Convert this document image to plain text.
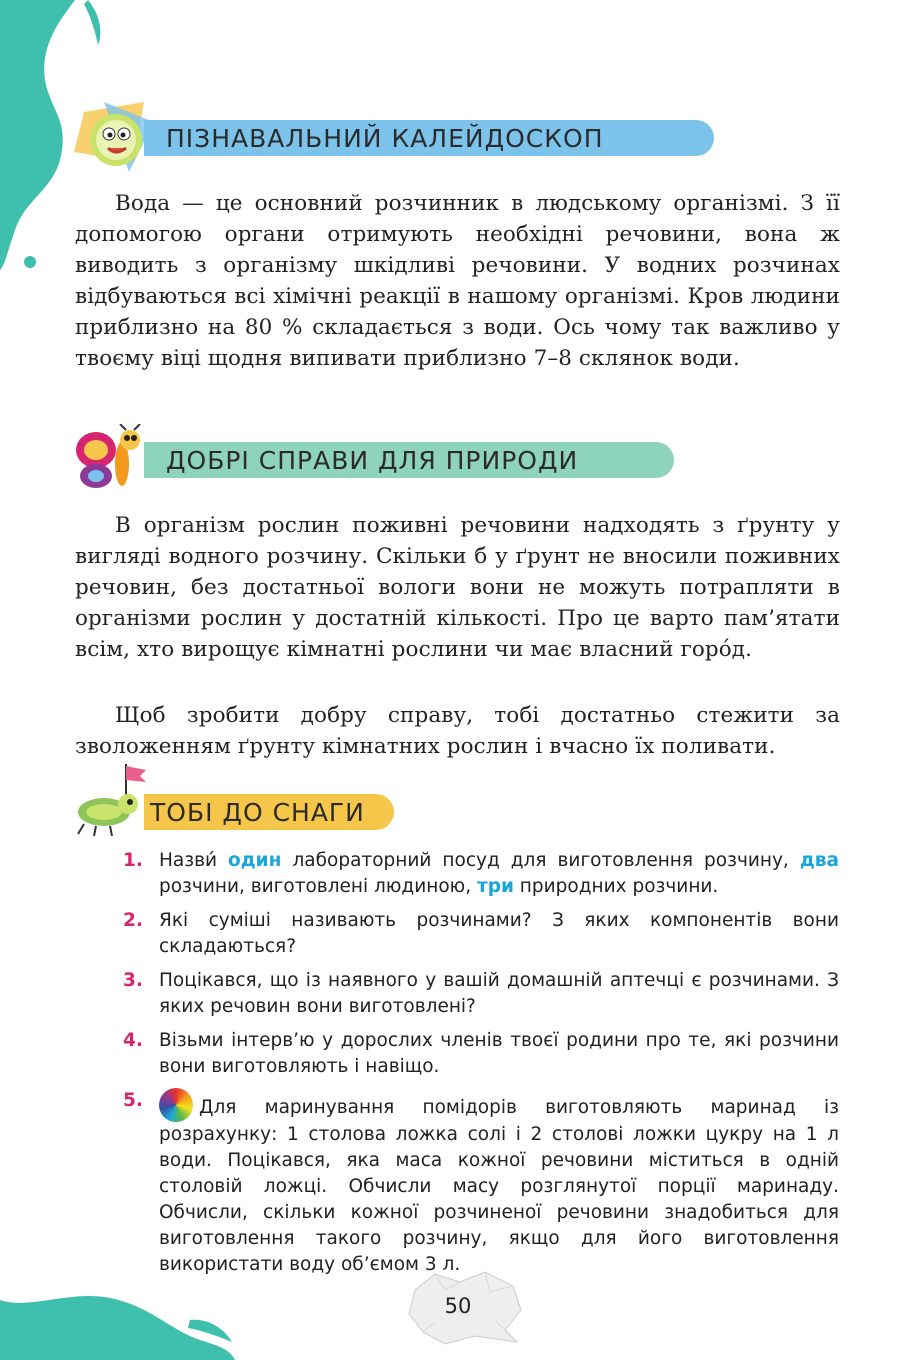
ПІЗНАВАЛЬНИЙ КАЛЕЙДОСКОП

Вода — це основний розчинник в людському організмі. З її допомогою органи отримують необхідні речовини, вона ж виводить з організму шкідливі речовини. У водних розчинах відбуваються всі хімічні реакції в нашому організмі. Кров людини приблизно на 80 % складається з води. Ось чому так важливо у твоєму віці щодня випивати приблизно 7–8 склянок води.

ДОБРІ СПРАВИ ДЛЯ ПРИРОДИ

В організм рослин поживні речовини надходять з ґрунту у вигляді водного розчину. Скільки б у ґрунт не вносили поживних речовин, без достатньої вологи вони не можуть потрапляти в організми рослин у достатній кількості. Про це варто пам’ятати всім, хто вирощує кімнатні рослини чи має власний горо́д.

Щоб зробити добру справу, тобі достатньо стежити за зволоженням ґрунту кімнатних рослин і вчасно їх поливати.

ТОБІ ДО СНАГИ
1. Назви́ один лабораторний посуд для виготовлення розчину, два розчини, виготовлені людиною, три природних розчини.
2. Які суміші називають розчинами? З яких компонентів вони складаються?
3. Поцікався, що із наявного у вашій домашній аптечці є розчинами. З яких речовин вони виготовлені?
4. Візьми інтерв’ю у дорослих членів твоєї родини про те, які розчини вони виготовляють і навіщо.
5.	Для маринування помідорів виготовляють маринад із розрахунку: 1 столова ложка солі і 2 столові ложки цукру на 1 л води. Поцікався, яка маса кожної речовини міститься в одній столовій ложці. Обчисли масу розглянутої порції маринаду. Обчисли, скільки кожної розчиненої речовини знадобиться для виготовлення такого розчину, якщо для його виготовлення використати воду об’ємом 3 л.
50
